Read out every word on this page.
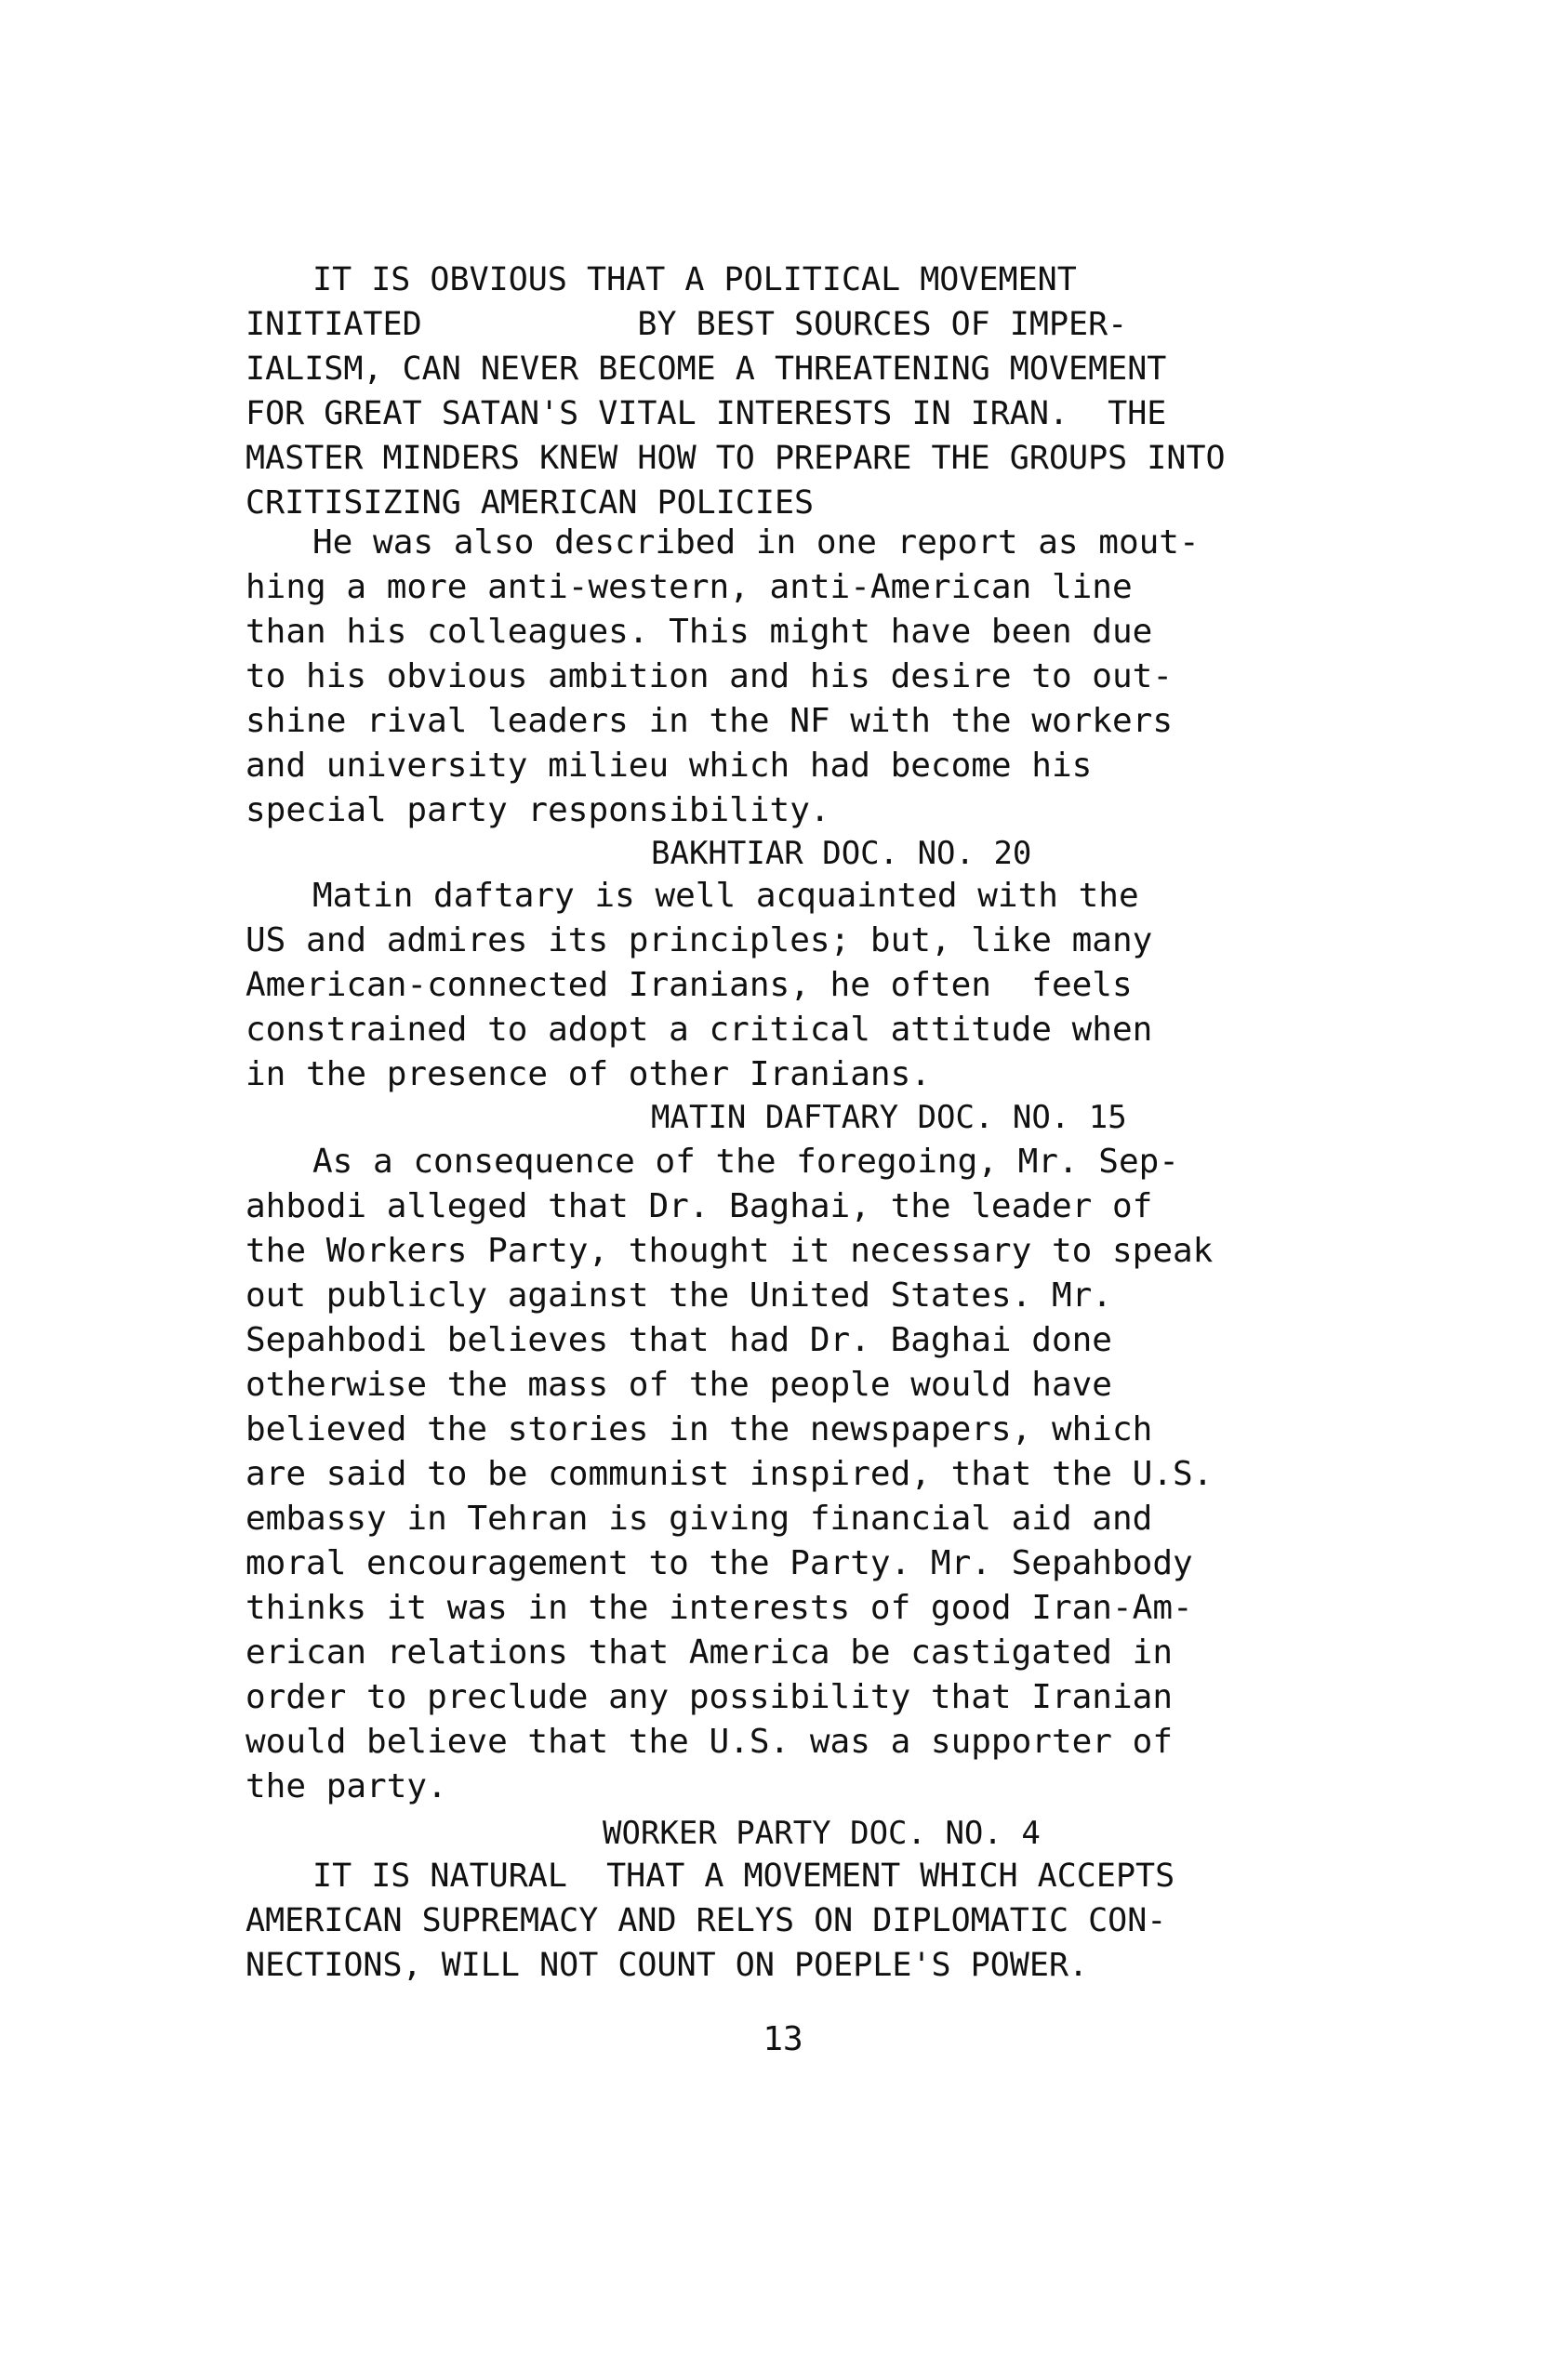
IT IS OBVIOUS THAT A POLITICAL MOVEMENT
INITIATED           BY BEST SOURCES OF IMPER-
IALISM, CAN NEVER BECOME A THREATENING MOVEMENT
FOR GREAT SATAN'S VITAL INTERESTS IN IRAN.  THE
MASTER MINDERS KNEW HOW TO PREPARE THE GROUPS INTO
CRITISIZING AMERICAN POLICIES
He was also described in one report as mout-
hing a more anti-western, anti-American line
than his colleagues. This might have been due
to his obvious ambition and his desire to out-
shine rival leaders in the NF with the workers
and university milieu which had become his
special party responsibility.
BAKHTIAR DOC. NO. 20
Matin daftary is well acquainted with the
US and admires its principles; but, like many
American-connected Iranians, he often  feels
constrained to adopt a critical attitude when
in the presence of other Iranians.
MATIN DAFTARY DOC. NO. 15
As a consequence of the foregoing, Mr. Sep-
ahbodi alleged that Dr. Baghai, the leader of
the Workers Party, thought it necessary to speak
out publicly against the United States. Mr.
Sepahbodi believes that had Dr. Baghai done
otherwise the mass of the people would have
believed the stories in the newspapers, which
are said to be communist inspired, that the U.S.
embassy in Tehran is giving financial aid and
moral encouragement to the Party. Mr. Sepahbody
thinks it was in the interests of good Iran-Am-
erican relations that America be castigated in
order to preclude any possibility that Iranian
would believe that the U.S. was a supporter of
the party.
WORKER PARTY DOC. NO. 4
IT IS NATURAL  THAT A MOVEMENT WHICH ACCEPTS
AMERICAN SUPREMACY AND RELYS ON DIPLOMATIC CON-
NECTIONS, WILL NOT COUNT ON POEPLE'S POWER.
13
